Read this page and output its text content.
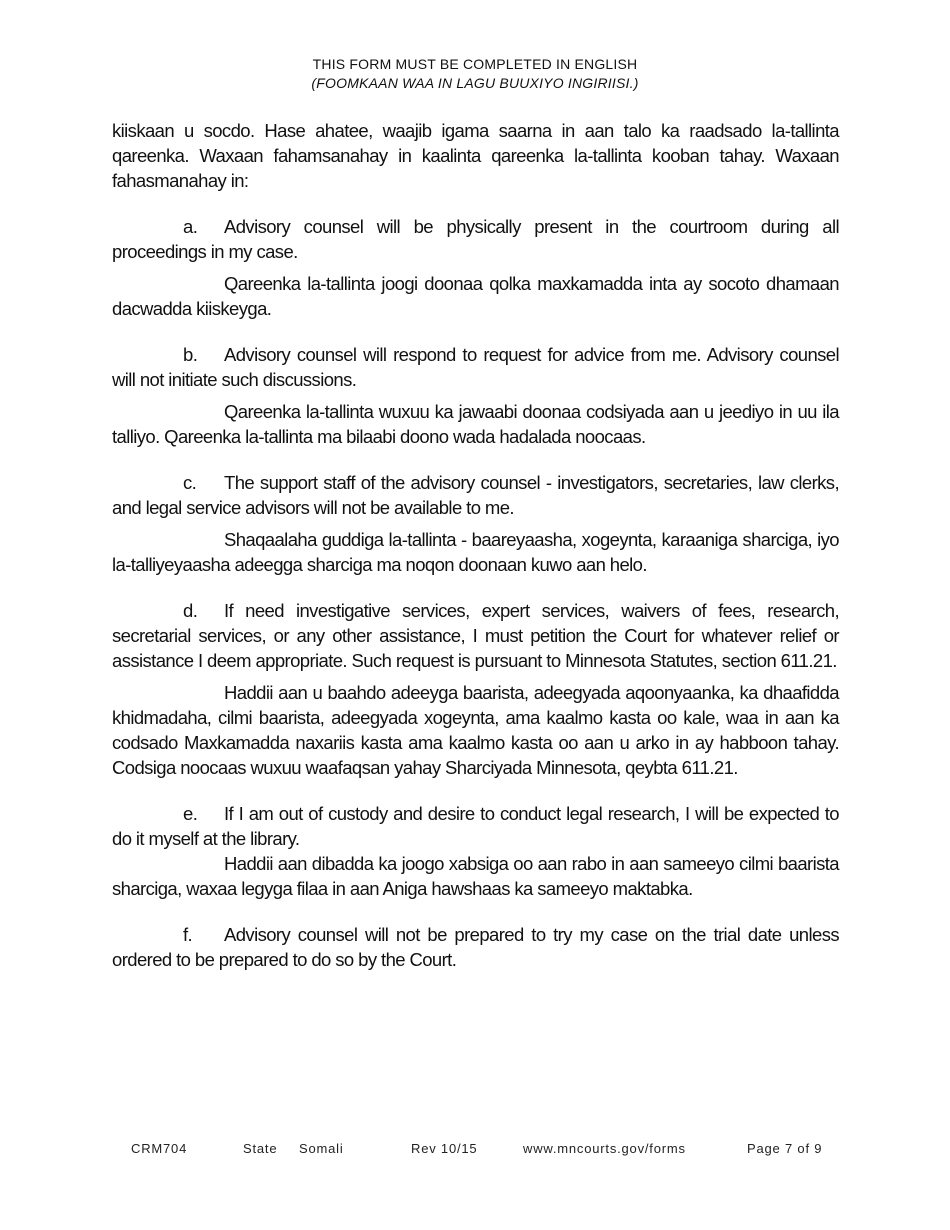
THIS FORM MUST BE COMPLETED IN ENGLISH
(FOOMKAAN WAA IN LAGU BUUXIYO INGIRIISI.)

kiiskaan u socdo. Hase ahatee, waajib igama saarna in aan talo ka raadsado la-tallinta qareenka. Waxaan fahamsanahay in kaalinta qareenka la-tallinta kooban tahay. Waxaan fahasmanahay in:

a. Advisory counsel will be physically present in the courtroom during all proceedings in my case.

Qareenka la-tallinta joogi doonaa qolka maxkamadda inta ay socoto dhamaan dacwadda kiiskeyga.

b. Advisory counsel will respond to request for advice from me. Advisory counsel will not initiate such discussions.

Qareenka la-tallinta wuxuu ka jawaabi doonaa codsiyada aan u jeediyo in uu ila talliyo. Qareenka la-tallinta ma bilaabi doono wada hadalada noocaas.

c. The support staff of the advisory counsel - investigators, secretaries, law clerks, and legal service advisors will not be available to me.

Shaqaalaha guddiga la-tallinta - baareyaasha, xogeynta, karaaniga sharciga, iyo la-talliyeyaasha adeegga sharciga ma noqon doonaan kuwo aan helo.

d. If need investigative services, expert services, waivers of fees, research, secretarial services, or any other assistance, I must petition the Court for whatever relief or assistance I deem appropriate. Such request is pursuant to Minnesota Statutes, section 611.21.

Haddii aan u baahdo adeeyga baarista, adeegyada aqoonyaanka, ka dhaafidda khidmadaha, cilmi baarista, adeegyada xogeynta, ama kaalmo kasta oo kale, waa in aan ka codsado Maxkamadda naxariis kasta ama kaalmo kasta oo aan u arko in ay habboon tahay. Codsiga noocaas wuxuu waafaqsan yahay Sharciyada Minnesota, qeybta 611.21.

e. If I am out of custody and desire to conduct legal research, I will be expected to do it myself at the library.

Haddii aan dibadda ka joogo xabsiga oo aan rabo in aan sameeyo cilmi baarista sharciga, waxaa legyga filaa in aan Aniga hawshaas ka sameeyo maktabka.

f. Advisory counsel will not be prepared to try my case on the trial date unless ordered to be prepared to do so by the Court.

CRM704	State Somali	Rev 10/15	www.mncourts.gov/forms	Page 7 of 9
